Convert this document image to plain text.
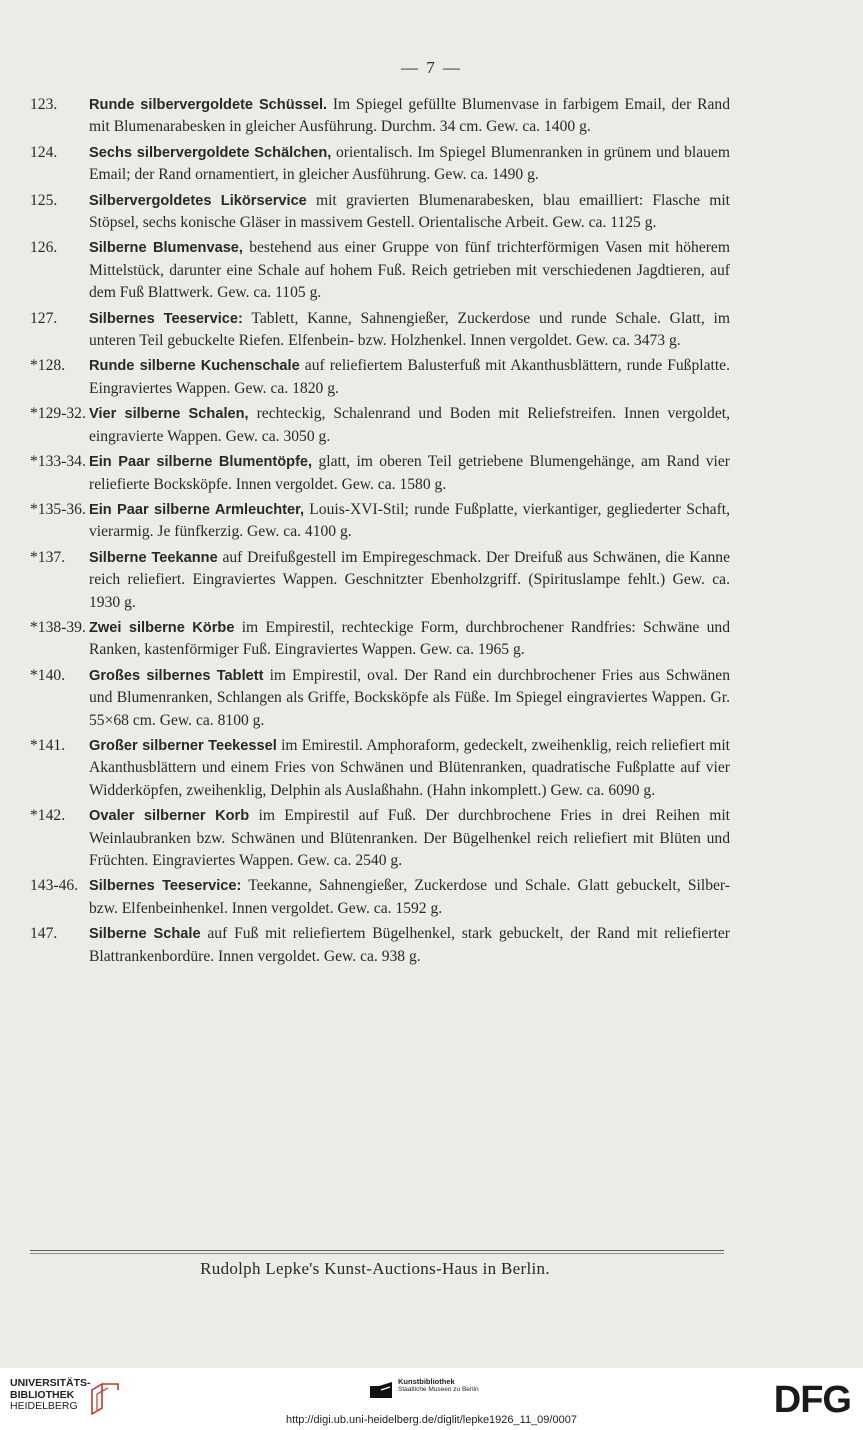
— 7 —
123.	Runde silbervergoldete Schüssel. Im Spiegel gefüllte Blumenvase in farbigem Email, der Rand mit Blumenarabesken in gleicher Ausführung. Durchm. 34 cm. Gew. ca. 1400 g.
124.	Sechs silbervergoldete Schälchen, orientalisch. Im Spiegel Blumenranken in grünem und blauem Email; der Rand ornamentiert, in gleicher Ausführung. Gew. ca. 1490 g.
125.	Silbervergoldetes Likörservice mit gravierten Blumenarabesken, blau emailliert: Flasche mit Stöpsel, sechs konische Gläser in massivem Gestell. Orientalische Arbeit. Gew. ca. 1125 g.
126.	Silberne Blumenvase, bestehend aus einer Gruppe von fünf trichterförmigen Vasen mit höherem Mittelstück, darunter eine Schale auf hohem Fuß. Reich getrieben mit verschiedenen Jagdtieren, auf dem Fuß Blattwerk. Gew. ca. 1105 g.
127.	Silbernes Teeservice: Tablett, Kanne, Sahnengießer, Zuckerdose und runde Schale. Glatt, im unteren Teil gebuckelte Riefen. Elfenbein- bzw. Holzhenkel. Innen vergoldet. Gew. ca. 3473 g.
*128.	Runde silberne Kuchenschale auf reliefiertem Balusterfuß mit Akanthusblättern, runde Fußplatte. Eingraviertes Wappen. Gew. ca. 1820 g.
*129-32. Vier silberne Schalen, rechteckig, Schalenrand und Boden mit Reliefstreifen. Innen vergoldet, eingravierte Wappen. Gew. ca. 3050 g.
*133-34. Ein Paar silberne Blumentöpfe, glatt, im oberen Teil getriebene Blumengehänge, am Rand vier reliefierte Bocksköpfe. Innen vergoldet. Gew. ca. 1580 g.
*135-36. Ein Paar silberne Armleuchter, Louis-XVI-Stil; runde Fußplatte, vierkantiger, gegliederter Schaft, vierarmig. Je fünfkerzig. Gew. ca. 4100 g.
*137.	Silberne Teekanne auf Dreifußgestell im Empiregeschmack. Der Dreifuß aus Schwänen, die Kanne reich reliefiert. Eingraviertes Wappen. Geschnitzter Ebenholzgriff. (Spirituslampe fehlt.) Gew. ca. 1930 g.
*138-39. Zwei silberne Körbe im Empirestil, rechteckige Form, durchbrochener Randfries: Schwäne und Ranken, kastenförmiger Fuß. Eingraviertes Wappen. Gew. ca. 1965 g.
*140.	Großes silbernes Tablett im Empirestil, oval. Der Rand ein durchbrochener Fries aus Schwänen und Blumenranken, Schlangen als Griffe, Bocksköpfe als Füße. Im Spiegel eingraviertes Wappen. Gr. 55×68 cm. Gew. ca. 8100 g.
*141.	Großer silberner Teekessel im Emirestil. Amphoraform, gedeckelt, zweihenklig, reich reliefiert mit Akanthusblättern und einem Fries von Schwänen und Blütenranken, quadratische Fußplatte auf vier Widderköpfen, zweihenklig, Delphin als Auslaßhahn. (Hahn inkomplett.) Gew. ca. 6090 g.
*142.	Ovaler silberner Korb im Empirestil auf Fuß. Der durchbrochene Fries in drei Reihen mit Weinlaubranken bzw. Schwänen und Blütenranken. Der Bügelhenkel reich reliefiert mit Blüten und Früchten. Eingraviertes Wappen. Gew. ca. 2540 g.
143-46. Silbernes Teeservice: Teekanne, Sahnengießer, Zuckerdose und Schale. Glatt gebuckelt, Silber- bzw. Elfenbeinhenkel. Innen vergoldet. Gew. ca. 1592 g.
147.	Silberne Schale auf Fuß mit reliefiertem Bügelhenkel, stark gebuckelt, der Rand mit reliefierter Blattrankenbordüre. Innen vergoldet. Gew. ca. 938 g.
Rudolph Lepke's Kunst-Auctions-Haus in Berlin.
UNIVERSITÄTS-
BIBLIOTHEK
HEIDELBERG
Kunstbibliothek
Staatliche Museen zu Berlin	DFG
http://digi.ub.uni-heidelberg.de/diglit/lepke1926_11_09/0007
